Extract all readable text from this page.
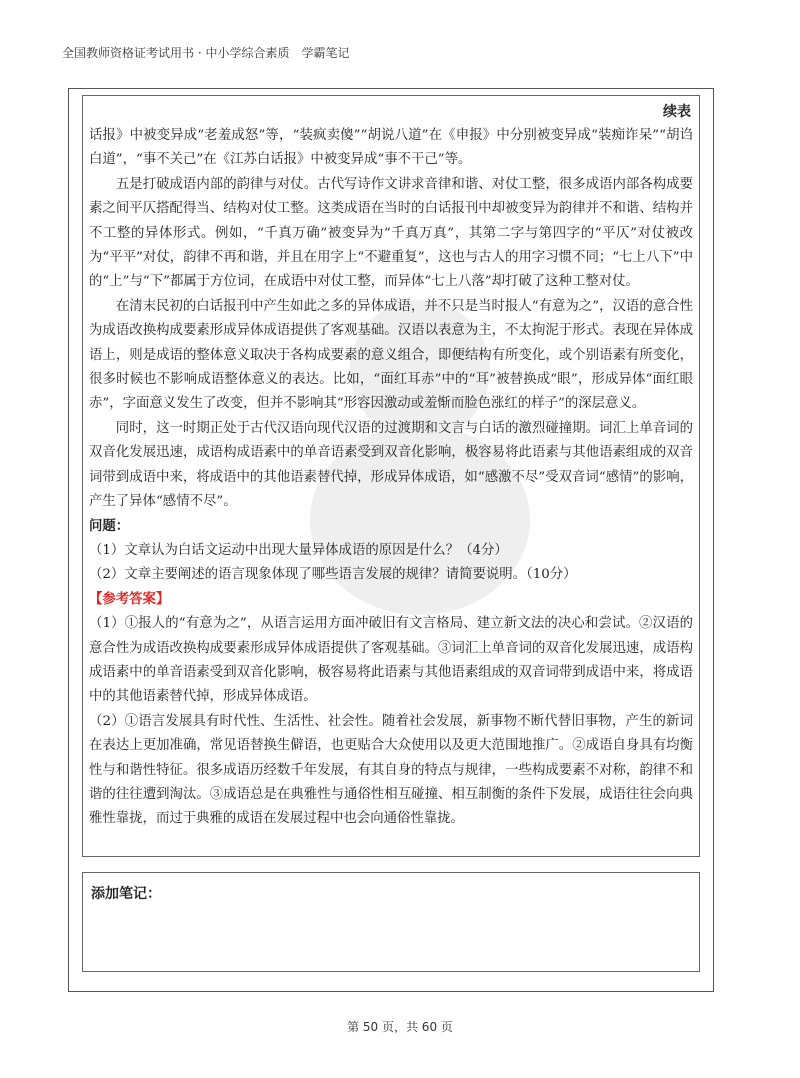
全国教师资格证考试用书 · 中小学综合素质　学霸笔记
续表

话报》中被变异成“老羞成怒”等，“装疯卖傻”“胡说八道”在《申报》中分别被变异成“装痴诈呆”“胡诌白道”，“事不关己”在《江苏白话报》中被变异成“事不干己”等。

五是打破成语内部的韵律与对仗。古代写诗作文讲求音律和谐、对仗工整，很多成语内部各构成要素之间平仄搭配得当、结构对仗工整。这类成语在当时的白话报刊中却被变异为韵律并不和谐、结构并不工整的异体形式。例如，“千真万确”被变异为“千真万真”，其第二字与第四字的“平仄”对仗被改为“平平”对仗，韵律不再和谐，并且在用字上“不避重复”，这也与古人的用字习惯不同；“七上八下”中的“上”与“下”都属于方位词，在成语中对仗工整，而异体“七上八落”却打破了这种工整对仗。

在清末民初的白话报刊中产生如此之多的异体成语，并不只是当时报人“有意为之”，汉语的意合性为成语改换构成要素形成异体成语提供了客观基础。汉语以表意为主，不太拘泥于形式。表现在异体成语上，则是成语的整体意义取决于各构成要素的意义组合，即便结构有所变化，或个别语素有所变化，很多时候也不影响成语整体意义的表达。比如，“面红耳赤”中的“耳”被替换成“眼”，形成异体“面红眼赤”，字面意义发生了改变，但并不影响其“形容因激动或羞惭而脸色涨红的样子”的深层意义。

同时，这一时期正处于古代汉语向现代汉语的过渡期和文言与白话的激烈碰撞期。词汇上单音词的双音化发展迅速，成语构成语素中的单音语素受到双音化影响，极容易将此语素与其他语素组成的双音词带到成语中来，将成语中的其他语素替代掉，形成异体成语，如“感激不尽”受双音词“感情”的影响，产生了异体“感情不尽”。

问题：

（1）文章认为白话文运动中出现大量异体成语的原因是什么？（4分）

（2）文章主要阐述的语言现象体现了哪些语言发展的规律？请简要说明。（10分）

【参考答案】

（1）①报人的“有意为之”，从语言运用方面冲破旧有文言格局、建立新文法的决心和尝试。②汉语的意合性为成语改换构成要素形成异体成语提供了客观基础。③词汇上单音词的双音化发展迅速，成语构成语素中的单音语素受到双音化影响，极容易将此语素与其他语素组成的双音词带到成语中来，将成语中的其他语素替代掉，形成异体成语。

（2）①语言发展具有时代性、生活性、社会性。随着社会发展，新事物不断代替旧事物，产生的新词在表达上更加准确，常见语替换生僻语，也更贴合大众使用以及更大范围地推广。②成语自身具有均衡性与和谐性特征。很多成语历经数千年发展，有其自身的特点与规律，一些构成要素不对称，韵律不和谐的往往遭到淘汰。③成语总是在典雅性与通俗性相互碰撞、相互制衡的条件下发展，成语往往会向典雅性靠拢，而过于典雅的成语在发展过程中也会向通俗性靠拢。

添加笔记：
第 50 页，共 60 页
